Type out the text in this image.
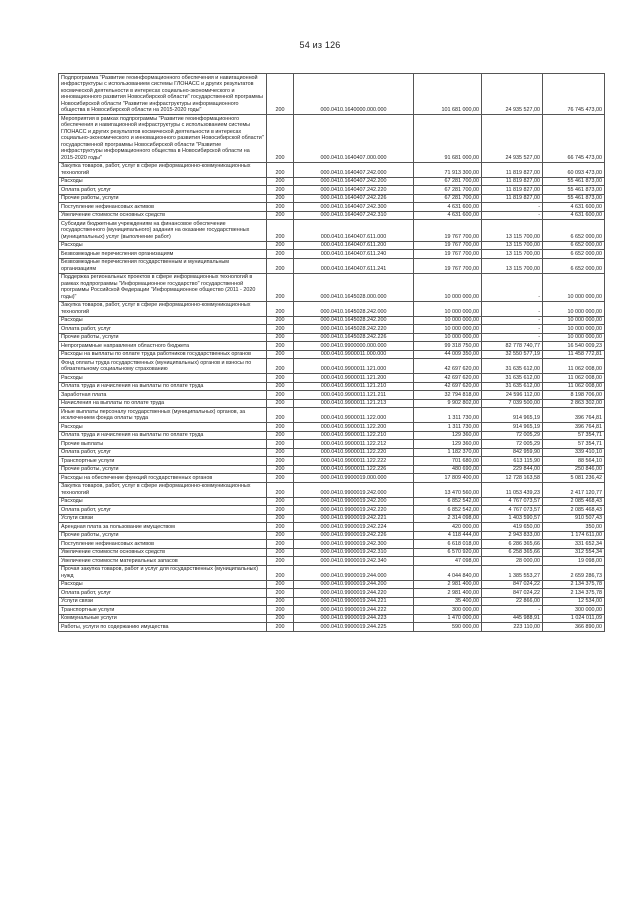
54 из 126
Подпрограмма "Развитие геоинформационного обеспечения и навигационной инфраструктуры с использованием системы ГЛОНАСС и других результатов космической деятельности в интересах социально-экономического и инновационного развития Новосибирской области" государственной программы Новосибирской области "Развитие инфраструктуры информационного общества в Новосибирской области на 2015-2020 годы"	200	000.0410.1640000.000.000	101 681 000,00	24 935 527,00	76 745 473,00

Мероприятия в рамках подпрограммы "Развитие геоинформационного обеспечения и навигационной инфраструктуры с использованием системы ГЛОНАСС и других результатов космической деятельности в интересах социально-экономического и инновационного развития Новосибирской области" государственной программы Новосибирской области "Развитие инфраструктуры информационного общества в Новосибирской области на 2015-2020 годы"	200	000.0410.1640407.000.000	91 681 000,00	24 935 527,00	66 745 473,00

Закупка товаров, работ, услуг в сфере информационно-коммуникационных технологий	200	000.0410.1640407.242.000	71 913 300,00	11 819 827,00	60 093 473,00

Расходы	200	000.0410.1640407.242.200	67 281 700,00	11 819 827,00	55 461 873,00

Оплата работ, услуг	200	000.0410.1640407.242.220	67 281 700,00	11 819 827,00	55 461 873,00

Прочие работы, услуги	200	000.0410.1640407.242.226	67 281 700,00	11 819 827,00	55 461 873,00

Поступление нефинансовых активов	200	000.0410.1640407.242.300	4 631 600,00	-	4 631 600,00

Увеличение стоимости основных средств	200	000.0410.1640407.242.310	4 631 600,00	-	4 631 600,00

Субсидии бюджетным учреждениям на финансовое обеспечение государственного (муниципального) задания на оказание государственных (муниципальных) услуг (выполнение работ)	200	000.0410.1640407.611.000	19 767 700,00	13 115 700,00	6 652 000,00

Расходы	200	000.0410.1640407.611.200	19 767 700,00	13 115 700,00	6 652 000,00

Безвозмездные перечисления организациям	200	000.0410.1640407.611.240	19 767 700,00	13 115 700,00	6 652 000,00

Безвозмездные перечисления государственным и муниципальным организациям	200	000.0410.1640407.611.241	19 767 700,00	13 115 700,00	6 652 000,00

Поддержка региональных проектов в сфере информационных технологий в рамках подпрограммы "Информационное государство" государственной программы Российской Федерации "Информационное общество (2011 - 2020 годы)"	200	000.0410.1645028.000.000	10 000 000,00	-	10 000 000,00

Закупка товаров, работ, услуг в сфере информационно-коммуникационных технологий	200	000.0410.1645028.242.000	10 000 000,00	-	10 000 000,00

Расходы	200	000.0410.1645028.242.200	10 000 000,00	-	10 000 000,00

Оплата работ, услуг	200	000.0410.1645028.242.220	10 000 000,00	-	10 000 000,00

Прочие работы, услуги	200	000.0410.1645028.242.226	10 000 000,00	-	10 000 000,00

Непрограммные направления областного бюджета	200	000.0410.9900000.000.000	99 318 750,00	82 778 740,77	16 540 009,23

Расходы на выплаты по оплате труда работников государственных органов	200	000.0410.9900011.000.000	44 009 350,00	32 550 577,19	11 458 772,81

Фонд оплаты труда государственных (муниципальных) органов и взносы по обязательному социальному страхованию	200	000.0410.9900011.121.000	42 697 620,00	31 635 612,00	11 062 008,00

Расходы	200	000.0410.9900011.121.200	42 697 620,00	31 635 612,00	11 062 008,00

Оплата труда и начисления на выплаты по оплате труда	200	000.0410.9900011.121.210	42 697 620,00	31 635 612,00	11 062 008,00

Заработная плата	200	000.0410.9900011.121.211	32 794 818,00	24 596 112,00	8 198 706,00

Начисления на выплаты по оплате труда	200	000.0410.9900011.121.213	9 902 802,00	7 039 500,00	2 863 302,00

Иные выплаты персоналу государственных (муниципальных) органов, за исключением фонда оплаты труда	200	000.0410.9900011.122.000	1 311 730,00	914 965,19	396 764,81

Расходы	200	000.0410.9900011.122.200	1 311 730,00	914 965,19	396 764,81

Оплата труда и начисления на выплаты по оплате труда	200	000.0410.9900011.122.210	129 360,00	72 005,29	57 354,71

Прочие выплаты	200	000.0410.9900011.122.212	129 360,00	72 005,29	57 354,71

Оплата работ, услуг	200	000.0410.9900011.122.220	1 182 370,00	842 959,90	339 410,10

Транспортные услуги	200	000.0410.9900011.122.222	701 680,00	613 115,90	88 564,10

Прочие работы, услуги	200	000.0410.9900011.122.226	480 690,00	229 844,00	250 846,00

Расходы на обеспечение функций государственных органов	200	000.0410.9900019.000.000	17 809 400,00	12 728 163,58	5 081 236,42

Закупка товаров, работ, услуг в сфере информационно-коммуникационных технологий	200	000.0410.9900019.242.000	13 470 560,00	11 053 439,23	2 417 120,77

Расходы	200	000.0410.9900019.242.200	6 852 542,00	4 767 073,57	2 085 468,43

Оплата работ, услуг	200	000.0410.9900019.242.220	6 852 542,00	4 767 073,57	2 085 468,43

Услуги связи	200	000.0410.9900019.242.221	2 314 098,00	1 403 590,57	910 507,43

Арендная плата за пользование имуществом	200	000.0410.9900019.242.224	420 000,00	419 650,00	350,00

Прочие работы, услуги	200	000.0410.9900019.242.226	4 118 444,00	2 943 833,00	1 174 611,00

Поступление нефинансовых активов	200	000.0410.9900019.242.300	6 618 018,00	6 286 365,66	331 652,34

Увеличение стоимости основных средств	200	000.0410.9900019.242.310	6 570 920,00	6 258 365,66	312 554,34

Увеличение стоимости материальных запасов	200	000.0410.9900019.242.340	47 098,00	28 000,00	19 098,00

Прочая закупка товаров, работ и услуг для государственных (муниципальных) нужд	200	000.0410.9900019.244.000	4 044 840,00	1 385 553,27	2 659 286,73

Расходы	200	000.0410.9900019.244.200	2 981 400,00	847 024,22	2 134 375,78

Оплата работ, услуг	200	000.0410.9900019.244.220	2 981 400,00	847 024,22	2 134 375,78

Услуги связи	200	000.0410.9900019.244.221	35 400,00	22 866,00	12 534,00

Транспортные услуги	200	000.0410.9900019.244.222	300 000,00	-	300 000,00

Коммунальные услуги	200	000.0410.9900019.244.223	1 470 000,00	445 988,91	1 024 011,09

Работы, услуги по содержанию имущества	200	000.0410.9900019.244.225	590 000,00	223 110,00	366 890,00
